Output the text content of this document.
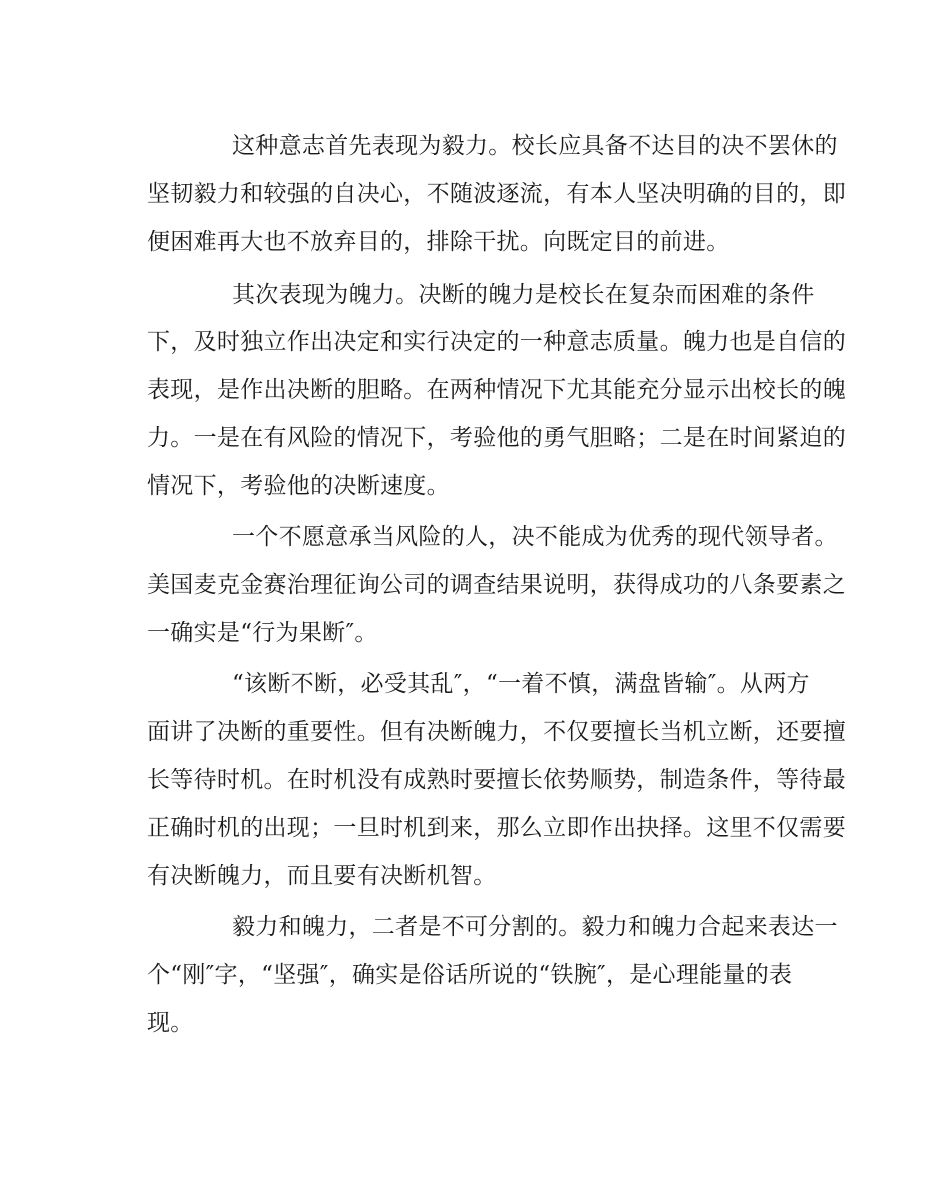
这种意志首先表现为毅力。校长应具备不达目的决不罢休的
坚韧毅力和较强的自决心，不随波逐流，有本人坚决明确的目的，即
便困难再大也不放弃目的，排除干扰。向既定目的前进。
其次表现为魄力。决断的魄力是校长在复杂而困难的条件
下，及时独立作出决定和实行决定的一种意志质量。魄力也是自信的
表现，是作出决断的胆略。在两种情况下尤其能充分显示出校长的魄
力。一是在有风险的情况下，考验他的勇气胆略；二是在时间紧迫的
情况下，考验他的决断速度。
一个不愿意承当风险的人，决不能成为优秀的现代领导者。
美国麦克金赛治理征询公司的调查结果说明，获得成功的八条要素之
一确实是“行为果断″。
“该断不断，必受其乱″，“一着不慎，满盘皆输″。从两方
面讲了决断的重要性。但有决断魄力，不仅要擅长当机立断，还要擅
长等待时机。在时机没有成熟时要擅长依势顺势，制造条件，等待最
正确时机的出现；一旦时机到来，那么立即作出抉择。这里不仅需要
有决断魄力，而且要有决断机智。
毅力和魄力，二者是不可分割的。毅力和魄力合起来表达一
个“刚″字，“坚强″，确实是俗话所说的“铁腕″，是心理能量的表
现。
